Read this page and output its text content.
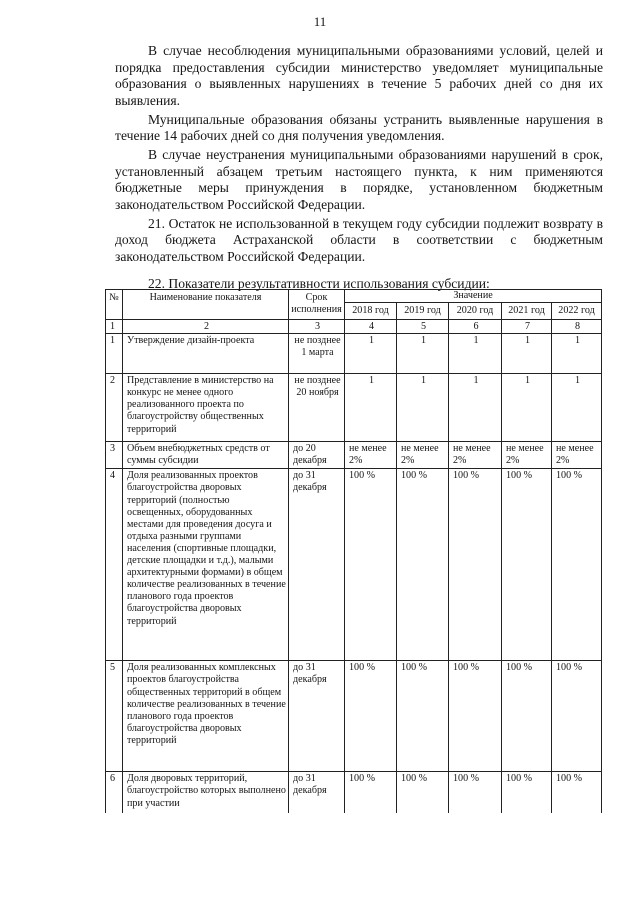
11

В случае несоблюдения муниципальными образованиями условий, целей и порядка предоставления субсидии министерство уведомляет муниципальные образования о выявленных нарушениях в течение 5 рабочих дней со дня их выявления.

Муниципальные образования обязаны устранить выявленные нарушения в течение 14 рабочих дней со дня получения уведомления.

В случае неустранения муниципальными образованиями нарушений в срок, установленный абзацем третьим настоящего пункта, к ним применяются бюджетные меры принуждения в порядке, установленном бюджетным законодательством Российской Федерации.

21. Остаток не использованной в текущем году субсидии подлежит возврату в доход бюджета Астраханской области в соответствии с бюджетным законодательством Российской Федерации.

22. Показатели результативности использования субсидии:
№	Наименование показателя	Срок исполнения	Значение				
			2018 год	2019 год	2020 год	2021 год	2022 год
1	2	3	4	5	6	7	8
1	Утверждение дизайн-проекта	не позднее 1 марта	1	1	1	1	1
2	Представление в министерство на конкурс не менее одного реализованного проекта по благоустройству общественных территорий	не позднее 20 ноября	1	1	1	1	1
3	Объем внебюджетных средств от суммы субсидии	до 20 декабря	не менее 2%	не менее 2%	не менее 2%	не менее 2%	не менее 2%
4	Доля реализованных проектов благоустройства дворовых территорий (полностью освещенных, оборудованных местами для проведения досуга и отдыха разными группами населения (спортивные площадки, детские площадки и т.д.), малыми архитектурными формами) в общем количестве реализованных в течение планового года проектов благоустройства дворовых территорий	до 31 декабря	100 %	100 %	100 %	100 %	100 %
5	Доля реализованных комплексных проектов благоустройства общественных территорий в общем количестве реализованных в течение планового года проектов благоустройства дворовых территорий	до 31 декабря	100 %	100 %	100 %	100 %	100 %
6	Доля дворовых территорий, благоустройство которых выполнено при участии	до 31 декабря	100 %	100 %	100 %	100 %	100 %
